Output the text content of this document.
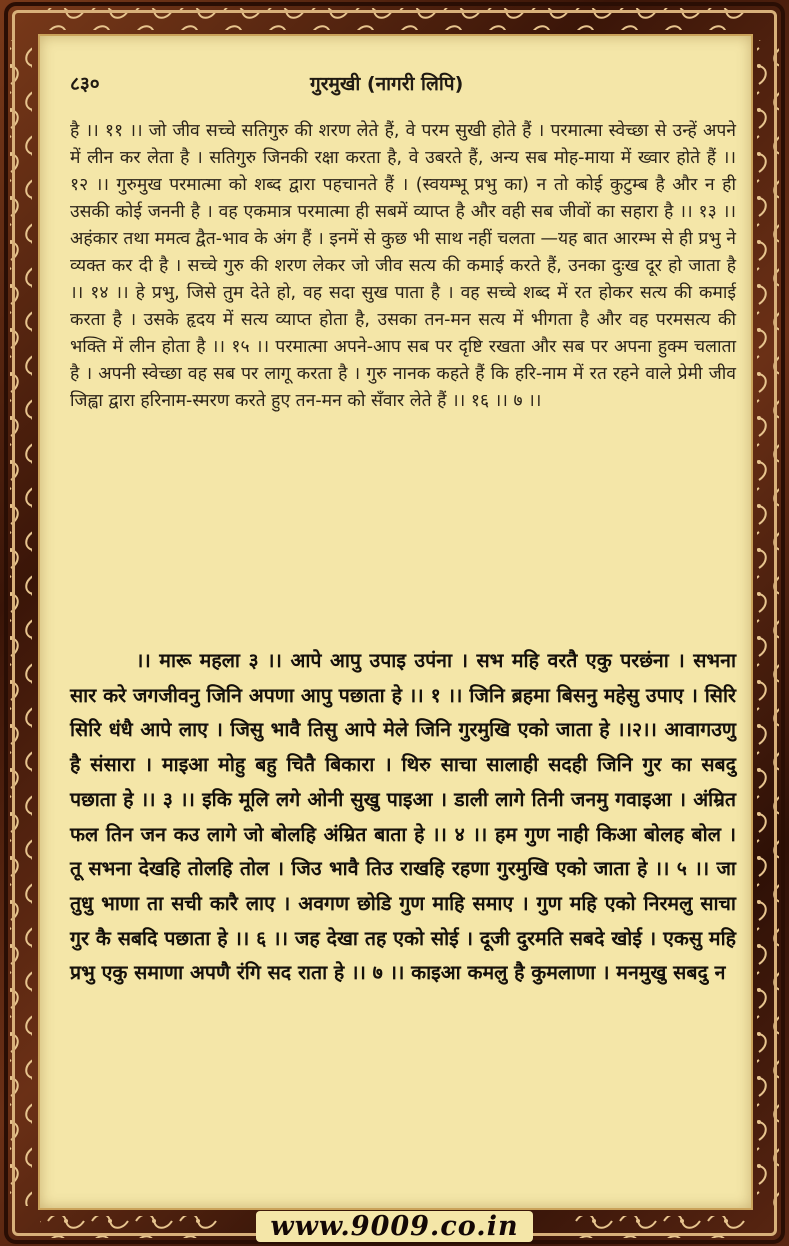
८३०	गुरमुखी (नागरी लिपि)

है ।। ११ ।। जो जीव सच्चे सतिगुरु की शरण लेते हैं, वे परम सुखी होते हैं । परमात्मा स्वेच्छा से उन्हें अपने में लीन कर लेता है । सतिगुरु जिनकी रक्षा करता है, वे उबरते हैं, अन्य सब मोह-माया में ख्वार होते हैं ।। १२ ।। गुरुमुख परमात्मा को शब्द द्वारा पहचानते हैं । (स्वयम्भू प्रभु का) न तो कोई कुटुम्ब है और न ही उसकी कोई जननी है । वह एकमात्र परमात्मा ही सबमें व्याप्त है और वही सब जीवों का सहारा है ।। १३ ।। अहंकार तथा ममत्व द्वैत-भाव के अंग हैं । इनमें से कुछ भी साथ नहीं चलता —यह बात आरम्भ से ही प्रभु ने व्यक्त कर दी है । सच्चे गुरु की शरण लेकर जो जीव सत्य की कमाई करते हैं, उनका दुःख दूर हो जाता है ।। १४ ।। हे प्रभु, जिसे तुम देते हो, वह सदा सुख पाता है । वह सच्चे शब्द में रत होकर सत्य की कमाई करता है । उसके हृदय में सत्य व्याप्त होता है, उसका तन-मन सत्य में भीगता है और वह परमसत्य की भक्ति में लीन होता है ।। १५ ।। परमात्मा अपने-आप सब पर दृष्टि रखता और सब पर अपना हुक्म चलाता है । अपनी स्वेच्छा वह सब पर लागू करता है । गुरु नानक कहते हैं कि हरि-नाम में रत रहने वाले प्रेमी जीव जिह्वा द्वारा हरिनाम-स्मरण करते हुए तन-मन को सँवार लेते हैं ।। १६ ।। ७ ।।

।। मारू महला ३ ।। आपे आपु उपाइ उपंना । सभ महि वरतै एकु परछंना । सभना सार करे जगजीवनु जिनि अपणा आपु पछाता हे ।। १ ।। जिनि ब्रहमा बिसनु महेसु उपाए । सिरि सिरि धंधै आपे लाए । जिसु भावै तिसु आपे मेले जिनि गुरमुखि एको जाता हे ।।२।। आवागउणु है संसारा । माइआ मोहु बहु चितै बिकारा । थिरु साचा सालाही सदही जिनि गुर का सबदु पछाता हे ।। ३ ।। इकि मूलि लगे ओनी सुखु पाइआ । डाली लागे तिनी जनमु गवाइआ । अंम्रित फल तिन जन कउ लागे जो बोलहि अंम्रित बाता हे ।। ४ ।। हम गुण नाही किआ बोलह बोल । तू सभना देखहि तोलहि तोल । जिउ भावै तिउ राखहि रहणा गुरमुखि एको जाता हे ।। ५ ।। जा तुधु भाणा ता सची कारै लाए । अवगण छोडि गुण माहि समाए । गुण महि एको निरमलु साचा गुर कै सबदि पछाता हे ।। ६ ।। जह देखा तह एको सोई । दूजी दुरमति सबदे खोई । एकसु महि प्रभु एकु समाणा अपणै रंगि सद राता हे ।। ७ ।। काइआ कमलु है कुमलाणा । मनमुखु सबदु न

www.9009.co.in
